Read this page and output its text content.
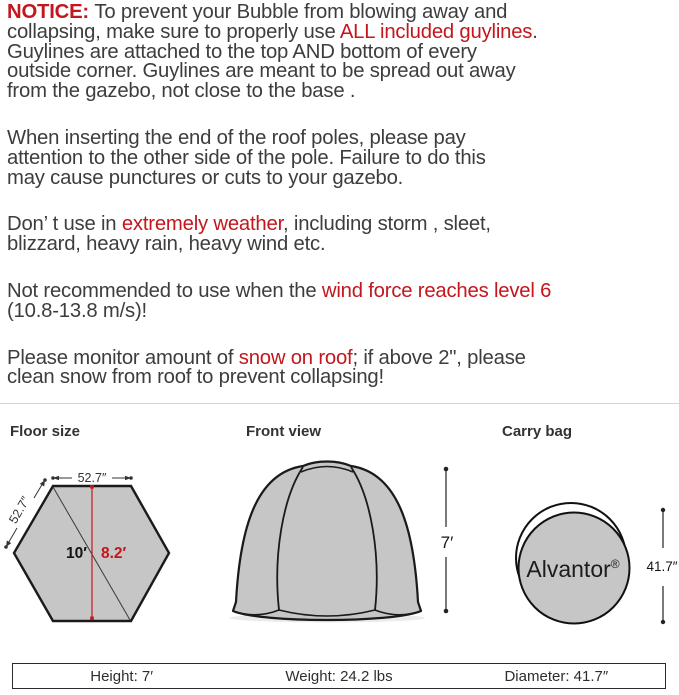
NOTICE: To prevent your Bubble from blowing away and
collapsing, make sure to properly use ALL included guylines.
Guylines are attached to the top AND bottom of every
outside corner. Guylines are meant to be spread out away
from the gazebo, not close to the base .
When inserting the end of the roof poles, please pay
attention to the other side of the pole. Failure to do this
may cause punctures or cuts to your gazebo.
Don’ t use in extremely weather, including storm , sleet,
blizzard, heavy rain, heavy wind etc.
Not recommended to use when the wind force reaches level 6
(10.8-13.8 m/s)!
Please monitor amount of snow on roof; if above 2", please
clean snow from roof to prevent collapsing!
Floor size	Front view	Carry bag
10′ 8.2′
52.7″
52.7″
7′
Alvantor® 41.7″
Height: 7′	Weight: 24.2 lbs	Diameter: 41.7″
